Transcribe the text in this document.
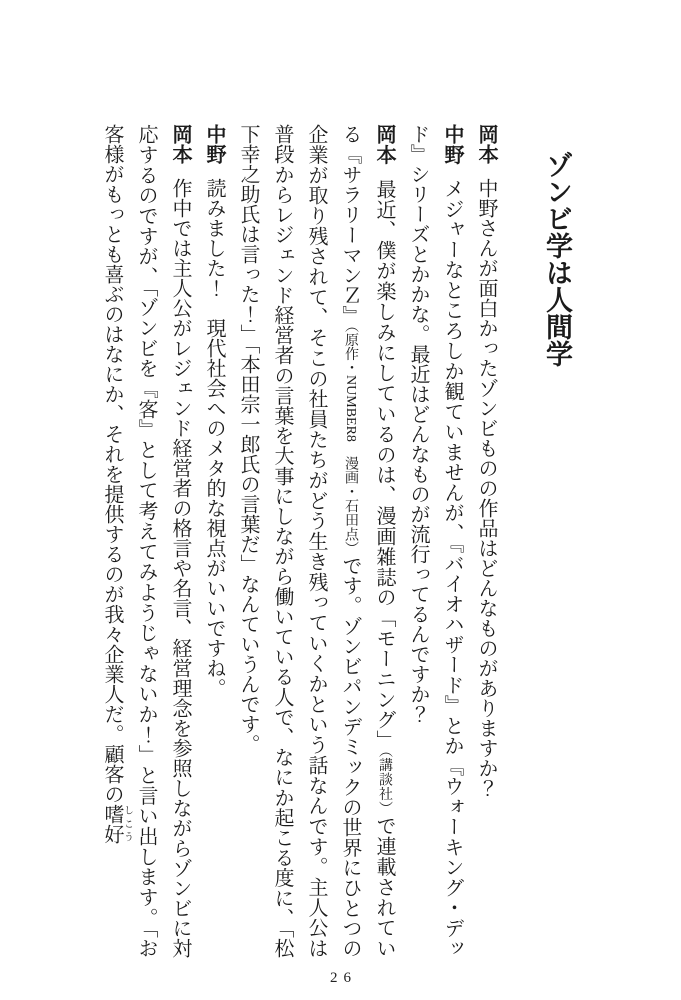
ゾンビ学は人間学

岡本中野さんが面白かったゾンビものの作品はどんなものがありますか？

中野メジャーなところしか観ていませんが、『バイオハザード』とか『ウォーキング・デッド』シリーズとかかな。最近はどんなものが流行ってるんですか？

岡本最近、僕が楽しみにしているのは、漫画雑誌の「モーニング」（講談社）で連載されている『サラリーマンＺ』（原作・NUMBER8　漫画・石田点）です。ゾンビパンデミックの世界にひとつの企業が取り残されて、そこの社員たちがどう生き残っていくかという話なんです。主人公は普段からレジェンド経営者の言葉を大事にしながら働いている人で、なにか起こる度に、「松下幸之助氏は言った！」「本田宗一郎氏の言葉だ」なんていうんです。

中野読みました！　現代社会へのメタ的な視点がいいですね。

岡本作中では主人公がレジェンド経営者の格言や名言、経営理念を参照しながらゾンビに対応するのですが、「ゾンビを『客』として考えてみようじゃないか！」と言い出します。「お客様がもっとも喜ぶのはなにか、それを提供するのが我々企業人だ。顧客の嗜好しこう

26
